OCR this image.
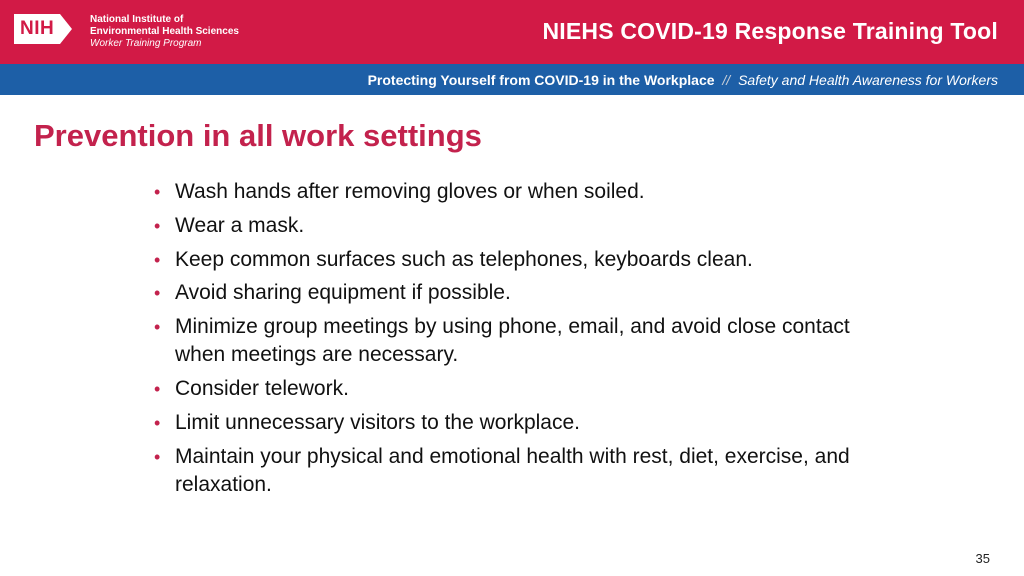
NIH	National Institute of
Environmental Health Sciences
Worker Training Program	NIEHS COVID-19 Response Training Tool
Protecting Yourself from COVID-19 in the Workplace // Safety and Health Awareness for Workers
Prevention in all work settings
• Wash hands after removing gloves or when soiled.
• Wear a mask.
• Keep common surfaces such as telephones, keyboards clean.
• Avoid sharing equipment if possible.
• Minimize group meetings by using phone, email, and avoid close contact when meetings are necessary.
• Consider telework.
• Limit unnecessary visitors to the workplace.
• Maintain your physical and emotional health with rest, diet, exercise, and relaxation.
35
